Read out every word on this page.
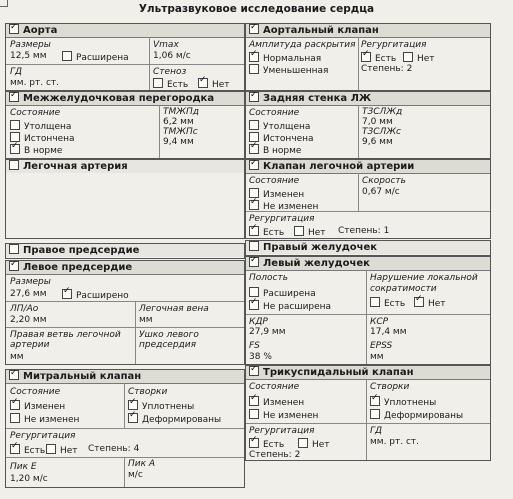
Ультразвуковое исследование сердца
✓Аорта
Размеры
12,5 мм	Расширена
Vmax
1,06 м/с
ГД
мм. рт. ст.
Стеноз
Есть ✓	Нет
✓Аортальный клапан
Амплитуда раскрытия
✓Нормальная
Уменьшенная
Регургитация
✓Есть	Нет
Степень: 2
✓Межжелудочковая перегородка
Состояние
Утолщена
Истончена
✓В норме
ТМЖПд
6,2 мм
ТМЖПс
9,4 мм
✓Задняя стенка ЛЖ
Состояние
Утолщена
Истончена
✓В норме
ТЗСЛЖд
7,0 мм
ТЗСЛЖс
9,6 мм
Легочная артерия ✓	Клапан легочной артерии
Состояние
Изменен
✓Не изменен
Скорость
0,67 м/с
Регургитация
✓Есть	Нет Степень: 1
Правое предсердие	Правый желудочек
✓Левое предсердие
Размеры
27,6 мм ✓	Расширено
ЛП/Ао
2,20 мм
Легочная вена
мм
Правая ветвь легочной
артерии
мм
Ушко левого
предсердия
✓Левый желудочек
Полость
Расширена
✓Не расширена
Нарушение локальной
сократимости
Есть ✓	Нет
КДР
27,9 мм
КСР
17,4 мм
FS
38 %
EPSS
мм
✓Митральный клапан
Состояние
✓Изменен
Не изменен
Створки
✓Уплотнены
✓Деформированы
Регургитация
✓Есть	Нет Степень: 4
Пик E
1,20 м/с
Пик A
м/с
✓Трикуспидальный клапан
Состояние
✓Изменен
Не изменен
Створки
✓Уплотнены
Деформированы
Регургитация
✓Есть	Нет
Степень: 2
ГД
мм. рт. ст.
